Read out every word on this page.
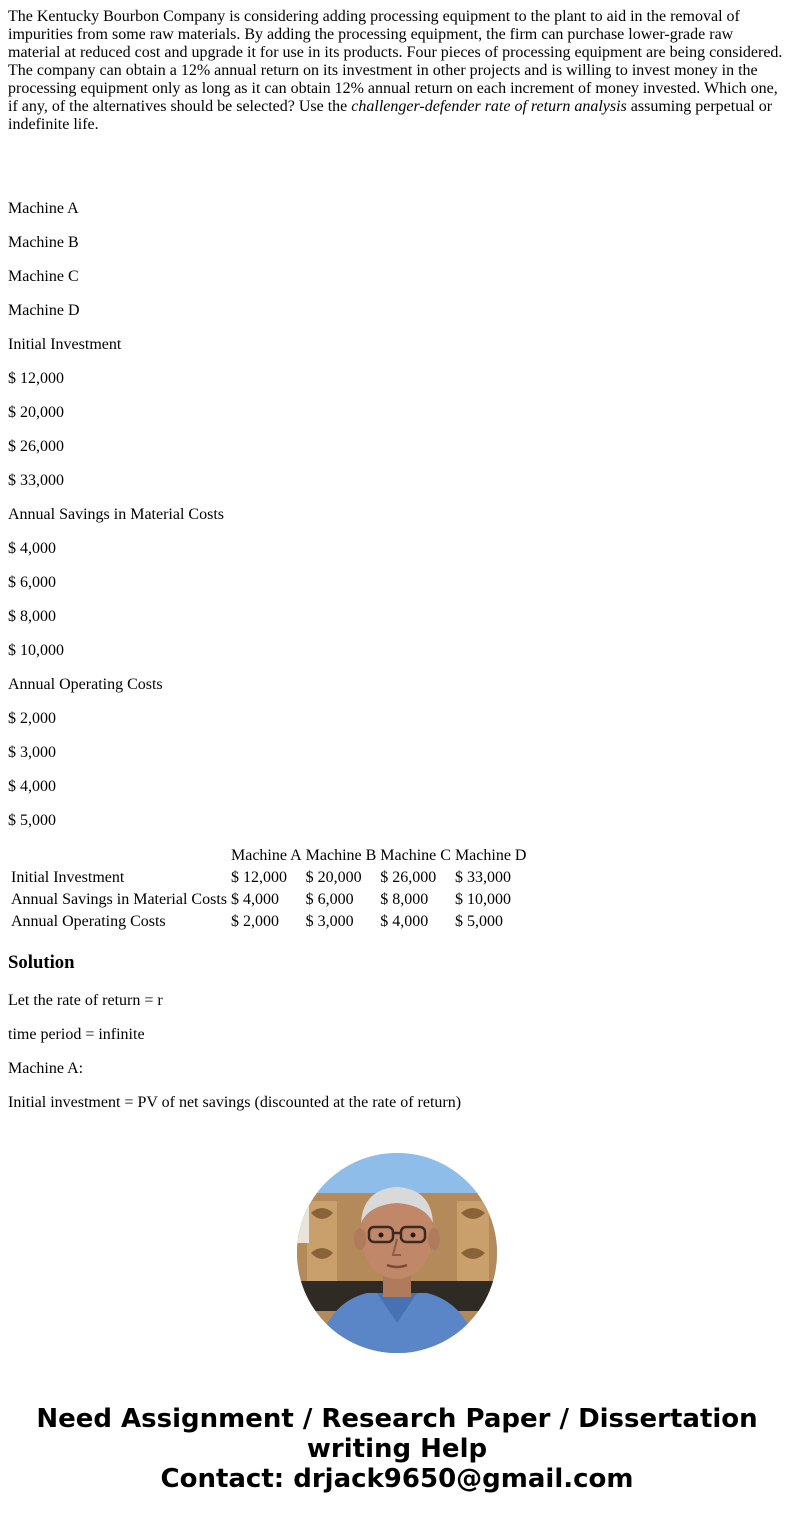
The Kentucky Bourbon Company is considering adding processing equipment to the plant to aid in the removal of impurities from some raw materials. By adding the processing equipment, the firm can purchase lower-grade raw material at reduced cost and upgrade it for use in its products. Four pieces of processing equipment are being considered. The company can obtain a 12% annual return on its investment in other projects and is willing to invest money in the processing equipment only as long as it can obtain 12% annual return on each increment of money invested. Which one, if any, of the alternatives should be selected? Use the challenger-defender rate of return analysis assuming perpetual or indefinite life.

Machine A

Machine B

Machine C

Machine D

Initial Investment

$ 12,000

$ 20,000

$ 26,000

$ 33,000

Annual Savings in Material Costs

$ 4,000

$ 6,000

$ 8,000

$ 10,000

Annual Operating Costs

$ 2,000

$ 3,000

$ 4,000

$ 5,000

	Machine A	Machine B	Machine C	Machine D
Initial Investment	$ 12,000	$ 20,000	$ 26,000	$ 33,000
Annual Savings in Material Costs	$ 4,000	$ 6,000	$ 8,000	$ 10,000
Annual Operating Costs	$ 2,000	$ 3,000	$ 4,000	$ 5,000
Solution

Let the rate of return = r

time period = infinite

Machine A:

Initial investment = PV of net savings (discounted at the rate of return)

Need Assignment / Research Paper / Dissertation
writing Help
Contact: drjack9650@gmail.com
